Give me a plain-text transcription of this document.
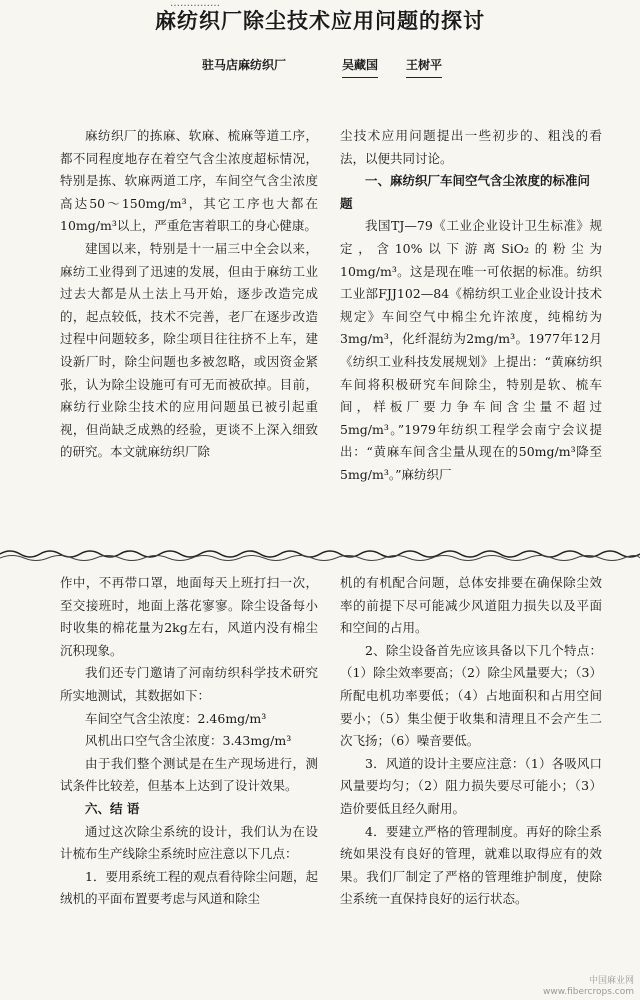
……………
麻纺织厂除尘技术应用问题的探讨
驻马店麻纺织厂	吴藏国 王树平

麻纺织厂的拣麻、软麻、梳麻等道工序，都不同程度地存在着空气含尘浓度超标情况，特别是拣、软麻两道工序，车间空气含尘浓度高达50～150mg/m³，其它工序也大都在10mg/m³以上，严重危害着职工的身心健康。

建国以来，特别是十一届三中全会以来，麻纺工业得到了迅速的发展，但由于麻纺工业过去大都是从土法上马开始，逐步改造完成的，起点较低，技术不完善，老厂在逐步改造过程中问题较多，除尘项目往往挤不上车，建设新厂时，除尘问题也多被忽略，或因资金紧张，认为除尘设施可有可无而被砍掉。目前，麻纺行业除尘技术的应用问题虽已被引起重视，但尚缺乏成熟的经验，更谈不上深入细致的研究。本文就麻纺织厂除

尘技术应用问题提出一些初步的、粗浅的看法，以便共同讨论。

一、麻纺织厂车间空气含尘浓度的标准问题

我国TJ—79《工业企业设计卫生标准》规定，含10%以下游离SiO₂的粉尘为10mg/m³。这是现在唯一可依据的标准。纺织工业部FJJ102—84《棉纺织工业企业设计技术规定》车间空气中棉尘允许浓度，纯棉纺为3mg/m³，化纤混纺为2mg/m³。1977年12月《纺织工业科技发展规划》上提出：“黄麻纺织车间将积极研究车间除尘，特别是软、梳车间，样板厂要力争车间含尘量不超过5mg/m³。”1979年纺织工程学会南宁会议提出：“黄麻车间含尘量从现在的50mg/m³降至5mg/m³。”麻纺织厂

作中，不再带口罩，地面每天上班打扫一次，至交接班时，地面上落花寥寥。除尘设备每小时收集的棉花量为2kg左右，风道内没有棉尘沉积现象。

我们还专门邀请了河南纺织科学技术研究所实地测试，其数据如下：

车间空气含尘浓度：2.46mg/m³

风机出口空气含尘浓度：3.43mg/m³

由于我们整个测试是在生产现场进行，测试条件比较差，但基本上达到了设计效果。

六、结 语

通过这次除尘系统的设计，我们认为在设计梳布生产线除尘系统时应注意以下几点：

1．要用系统工程的观点看待除尘问题，起绒机的平面布置要考虑与风道和除尘

机的有机配合问题，总体安排要在确保除尘效率的前提下尽可能减少风道阻力损失以及平面和空间的占用。

2、除尘设备首先应该具备以下几个特点：（1）除尘效率要高；（2）除尘风量要大；（3）所配电机功率要低；（4）占地面积和占用空间要小；（5）集尘便于收集和清理且不会产生二次飞扬；（6）噪音要低。

3．风道的设计主要应注意：（1）各吸风口风量要均匀；（2）阻力损失要尽可能小；（3）造价要低且经久耐用。

4．要建立严格的管理制度。再好的除尘系统如果没有良好的管理，就难以取得应有的效果。我们厂制定了严格的管理维护制度，使除尘系统一直保持良好的运行状态。

中国麻业网
www.fibercrops.com
